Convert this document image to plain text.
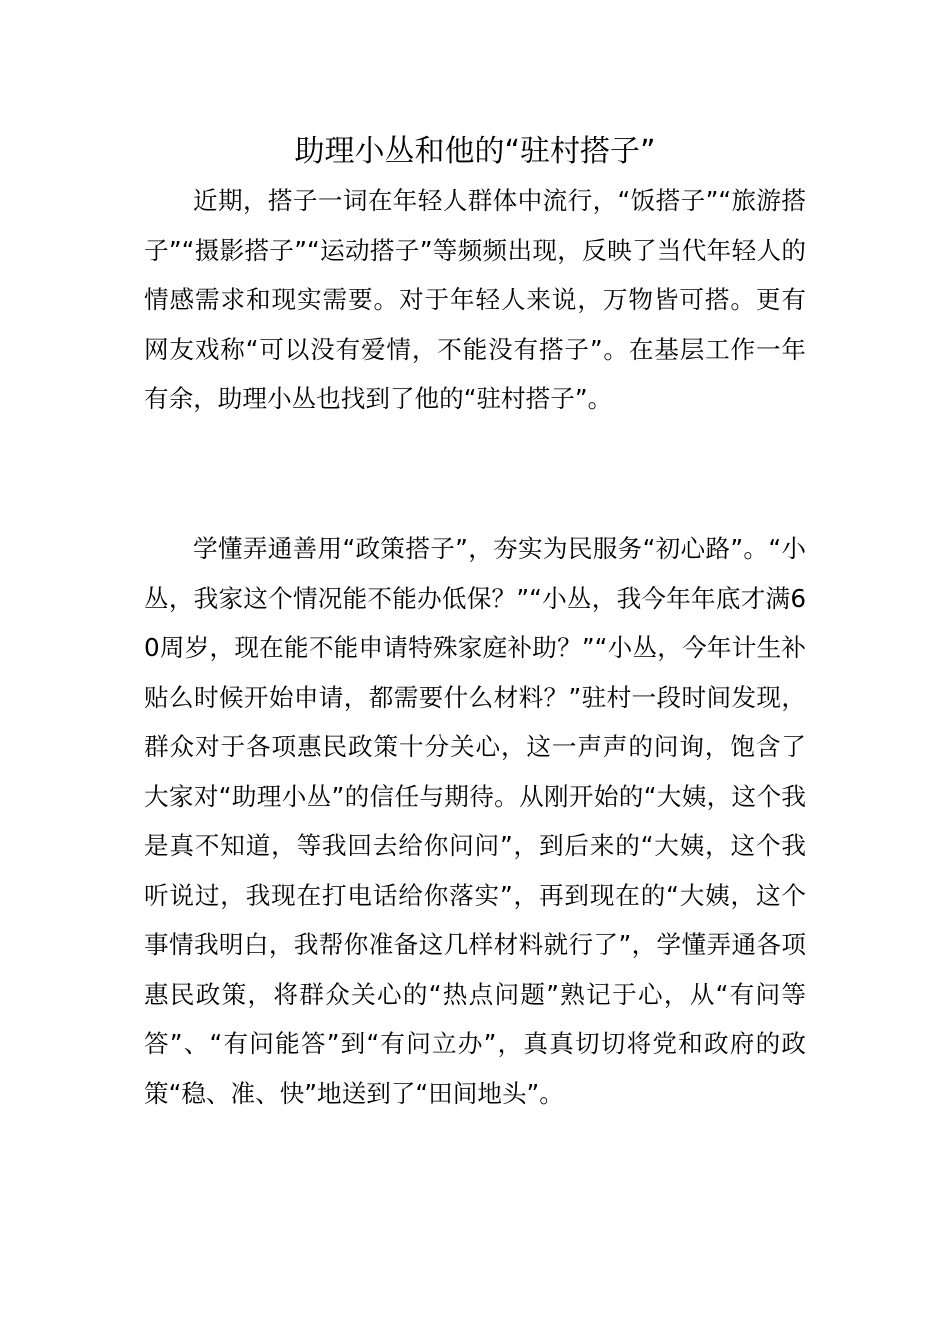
助理小丛和他的“驻村搭子”

近期，搭子一词在年轻人群体中流行，“饭搭子”“旅游搭子”“摄影搭子”“运动搭子”等频频出现，反映了当代年轻人的情感需求和现实需要。对于年轻人来说，万物皆可搭。更有网友戏称“可以没有爱情，不能没有搭子”。在基层工作一年有余，助理小丛也找到了他的“驻村搭子”。

学懂弄通善用“政策搭子”，夯实为民服务“初心路”。“小丛，我家这个情况能不能办低保？”“小丛，我今年年底才满60周岁，现在能不能申请特殊家庭补助？”“小丛，今年计生补贴么时候开始申请，都需要什么材料？”驻村一段时间发现，群众对于各项惠民政策十分关心，这一声声的问询，饱含了大家对“助理小丛”的信任与期待。从刚开始的“大姨，这个我是真不知道，等我回去给你问问”，到后来的“大姨，这个我听说过，我现在打电话给你落实”，再到现在的“大姨，这个事情我明白，我帮你准备这几样材料就行了”，学懂弄通各项惠民政策，将群众关心的“热点问题”熟记于心，从“有问等答”、“有问能答”到“有问立办”，真真切切将党和政府的政策“稳、准、快”地送到了“田间地头”。
